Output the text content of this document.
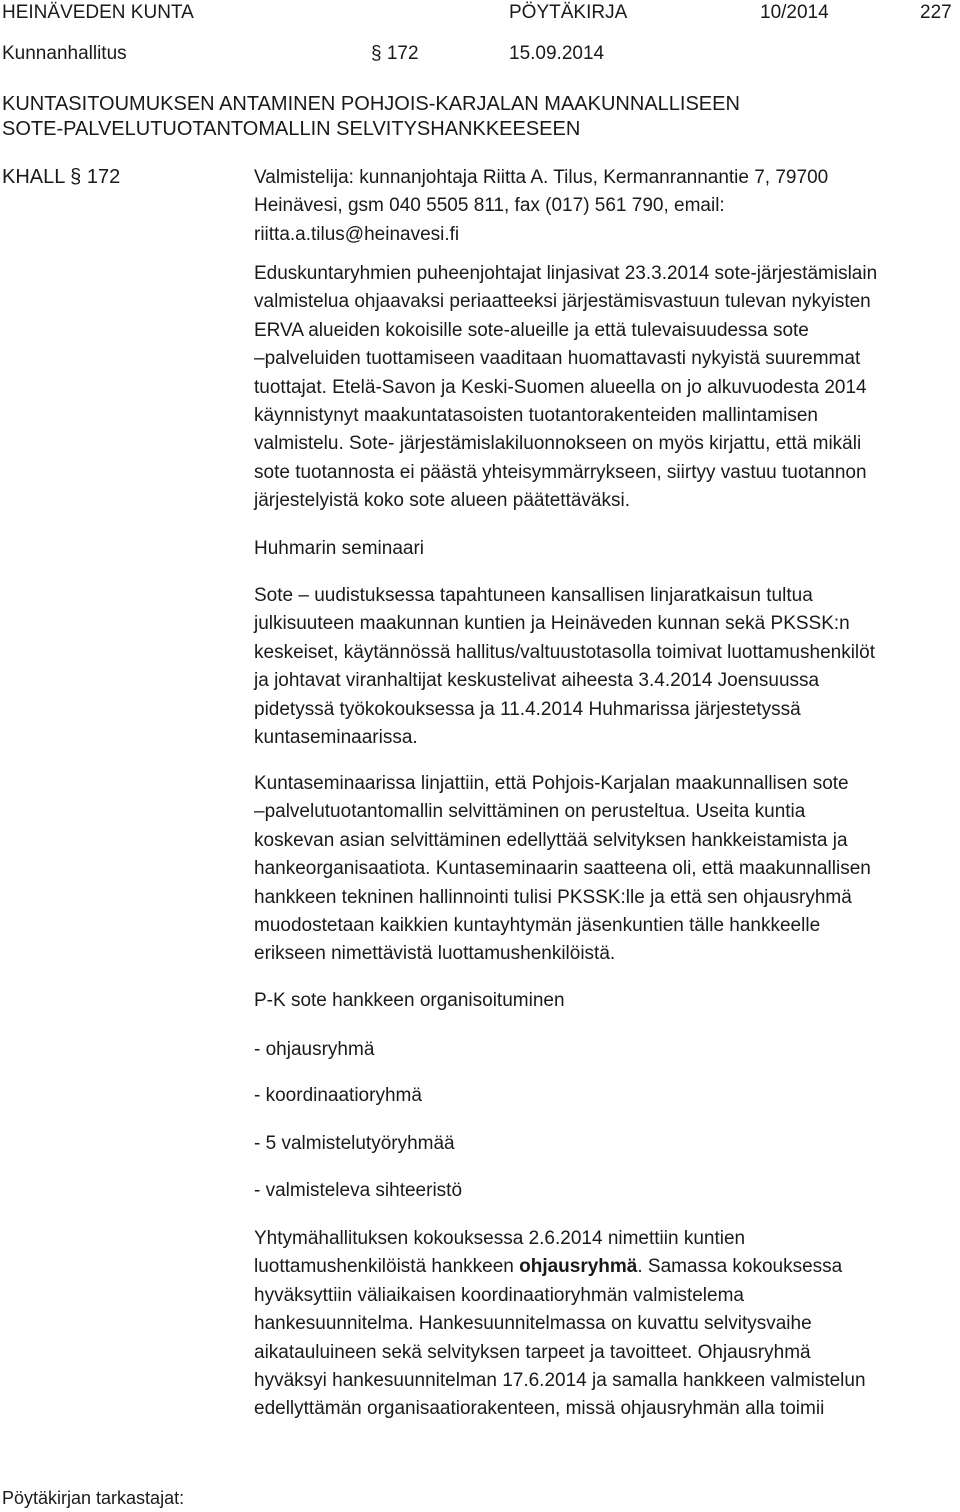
HEINÄVEDEN KUNTA	PÖYTÄKIRJA	10/2014	227
Kunnanhallitus	§ 172	15.09.2014
KUNTASITOUMUKSEN ANTAMINEN POHJOIS-KARJALAN MAAKUNNALLISEEN
SOTE-PALVELUTUOTANTOMALLIN SELVITYSHANKKEESEEN
KHALL § 172	Valmistelija: kunnanjohtaja Riitta A. Tilus, Kermanrannantie 7, 79700
Heinävesi, gsm 040 5505 811, fax (017) 561 790, email:
riitta.a.tilus@heinavesi.fi
Eduskuntaryhmien puheenjohtajat linjasivat 23.3.2014 sote-järjestämislain
valmistelua ohjaavaksi periaatteeksi järjestämisvastuun tulevan nykyisten
ERVA alueiden kokoisille sote-alueille ja että tulevaisuudessa sote
–palveluiden tuottamiseen vaaditaan huomattavasti nykyistä suuremmat
tuottajat. Etelä-Savon ja Keski-Suomen alueella on jo alkuvuodesta 2014
käynnistynyt maakuntatasoisten tuotantorakenteiden mallintamisen
valmistelu. Sote- järjestämislakiluonnokseen on myös kirjattu, että mikäli
sote tuotannosta ei päästä yhteisymmärrykseen, siirtyy vastuu tuotannon
järjestelyistä koko sote alueen päätettäväksi.
Huhmarin seminaari
Sote – uudistuksessa tapahtuneen kansallisen linjaratkaisun tultua
julkisuuteen maakunnan kuntien ja Heinäveden kunnan sekä PKSSK:n
keskeiset, käytännössä hallitus/valtuustotasolla toimivat luottamushenkilöt
ja johtavat viranhaltijat keskustelivat aiheesta 3.4.2014 Joensuussa
pidetyssä työkokouksessa ja 11.4.2014 Huhmarissa järjestetyssä
kuntaseminaarissa.
Kuntaseminaarissa linjattiin, että Pohjois-Karjalan maakunnallisen sote
–palvelutuotantomallin selvittäminen on perusteltua. Useita kuntia
koskevan asian selvittäminen edellyttää selvityksen hankkeistamista ja
hankeorganisaatiota. Kuntaseminaarin saatteena oli, että maakunnallisen
hankkeen tekninen hallinnointi tulisi PKSSK:lle ja että sen ohjausryhmä
muodostetaan kaikkien kuntayhtymän jäsenkuntien tälle hankkeelle
erikseen nimettävistä luottamushenkilöistä.
P-K sote hankkeen organisoituminen
- ohjausryhmä
- koordinaatioryhmä
- 5 valmistelutyöryhmää
- valmisteleva sihteeristö
Yhtymähallituksen kokouksessa 2.6.2014 nimettiin kuntien
luottamushenkilöistä hankkeen ohjausryhmä. Samassa kokouksessa
hyväksyttiin väliaikaisen koordinaatioryhmän valmistelema
hankesuunnitelma. Hankesuunnitelmassa on kuvattu selvitysvaihe
aikatauluineen sekä selvityksen tarpeet ja tavoitteet. Ohjausryhmä
hyväksyi hankesuunnitelman 17.6.2014 ja samalla hankkeen valmistelun
edellyttämän organisaatiorakenteen, missä ohjausryhmän alla toimii
Pöytäkirjan tarkastajat:
